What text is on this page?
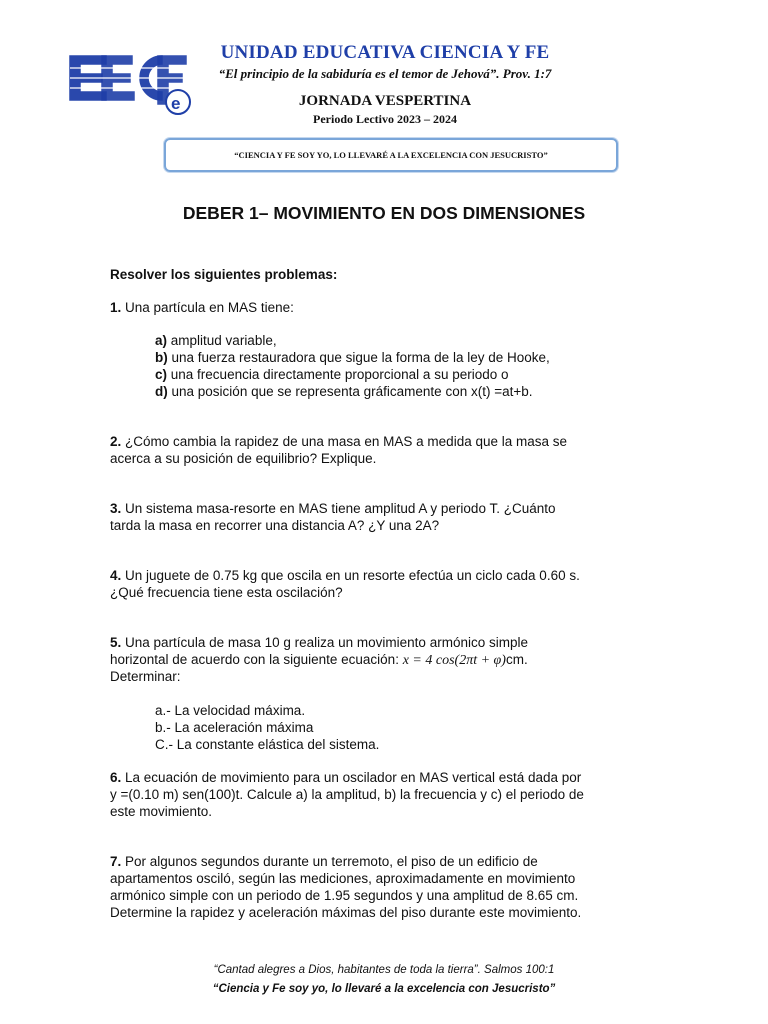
e
UNIDAD EDUCATIVA CIENCIA Y FE
“El principio de la sabiduría es el temor de Jehová”. Prov. 1:7
JORNADA VESPERTINA
Periodo Lectivo 2023 – 2024
“CIENCIA Y FE SOY YO, LO LLEVARÉ A LA EXCELENCIA CON JESUCRISTO”
DEBER 1– MOVIMIENTO EN DOS DIMENSIONES
Resolver los siguientes problemas:
1. Una partícula en MAS tiene:
a) amplitud variable,
b) una fuerza restauradora que sigue la forma de la ley de Hooke,
c) una frecuencia directamente proporcional a su periodo o
d) una posición que se representa gráficamente con x(t) =at+b.
2. ¿Cómo cambia la rapidez de una masa en MAS a medida que la masa se
acerca a su posición de equilibrio? Explique.
3. Un sistema masa-resorte en MAS tiene amplitud A y periodo T. ¿Cuánto
tarda la masa en recorrer una distancia A? ¿Y una 2A?
4. Un juguete de 0.75 kg que oscila en un resorte efectúa un ciclo cada 0.60 s.
¿Qué frecuencia tiene esta oscilación?
5. Una partícula de masa 10 g realiza un movimiento armónico simple
horizontal de acuerdo con la siguiente ecuación: x = 4 cos(2πt + φ)cm.
Determinar:
a.- La velocidad máxima.
b.- La aceleración máxima
C.- La constante elástica del sistema.
6. La ecuación de movimiento para un oscilador en MAS vertical está dada por
y =(0.10 m) sen(100)t. Calcule a) la amplitud, b) la frecuencia y c) el periodo de
este movimiento.
7. Por algunos segundos durante un terremoto, el piso de un edificio de
apartamentos osciló, según las mediciones, aproximadamente en movimiento
armónico simple con un periodo de 1.95 segundos y una amplitud de 8.65 cm.
Determine la rapidez y aceleración máximas del piso durante este movimiento.
“Cantad alegres a Dios, habitantes de toda la tierra”. Salmos 100:1
“Ciencia y Fe soy yo, lo llevaré a la excelencia con Jesucristo”
